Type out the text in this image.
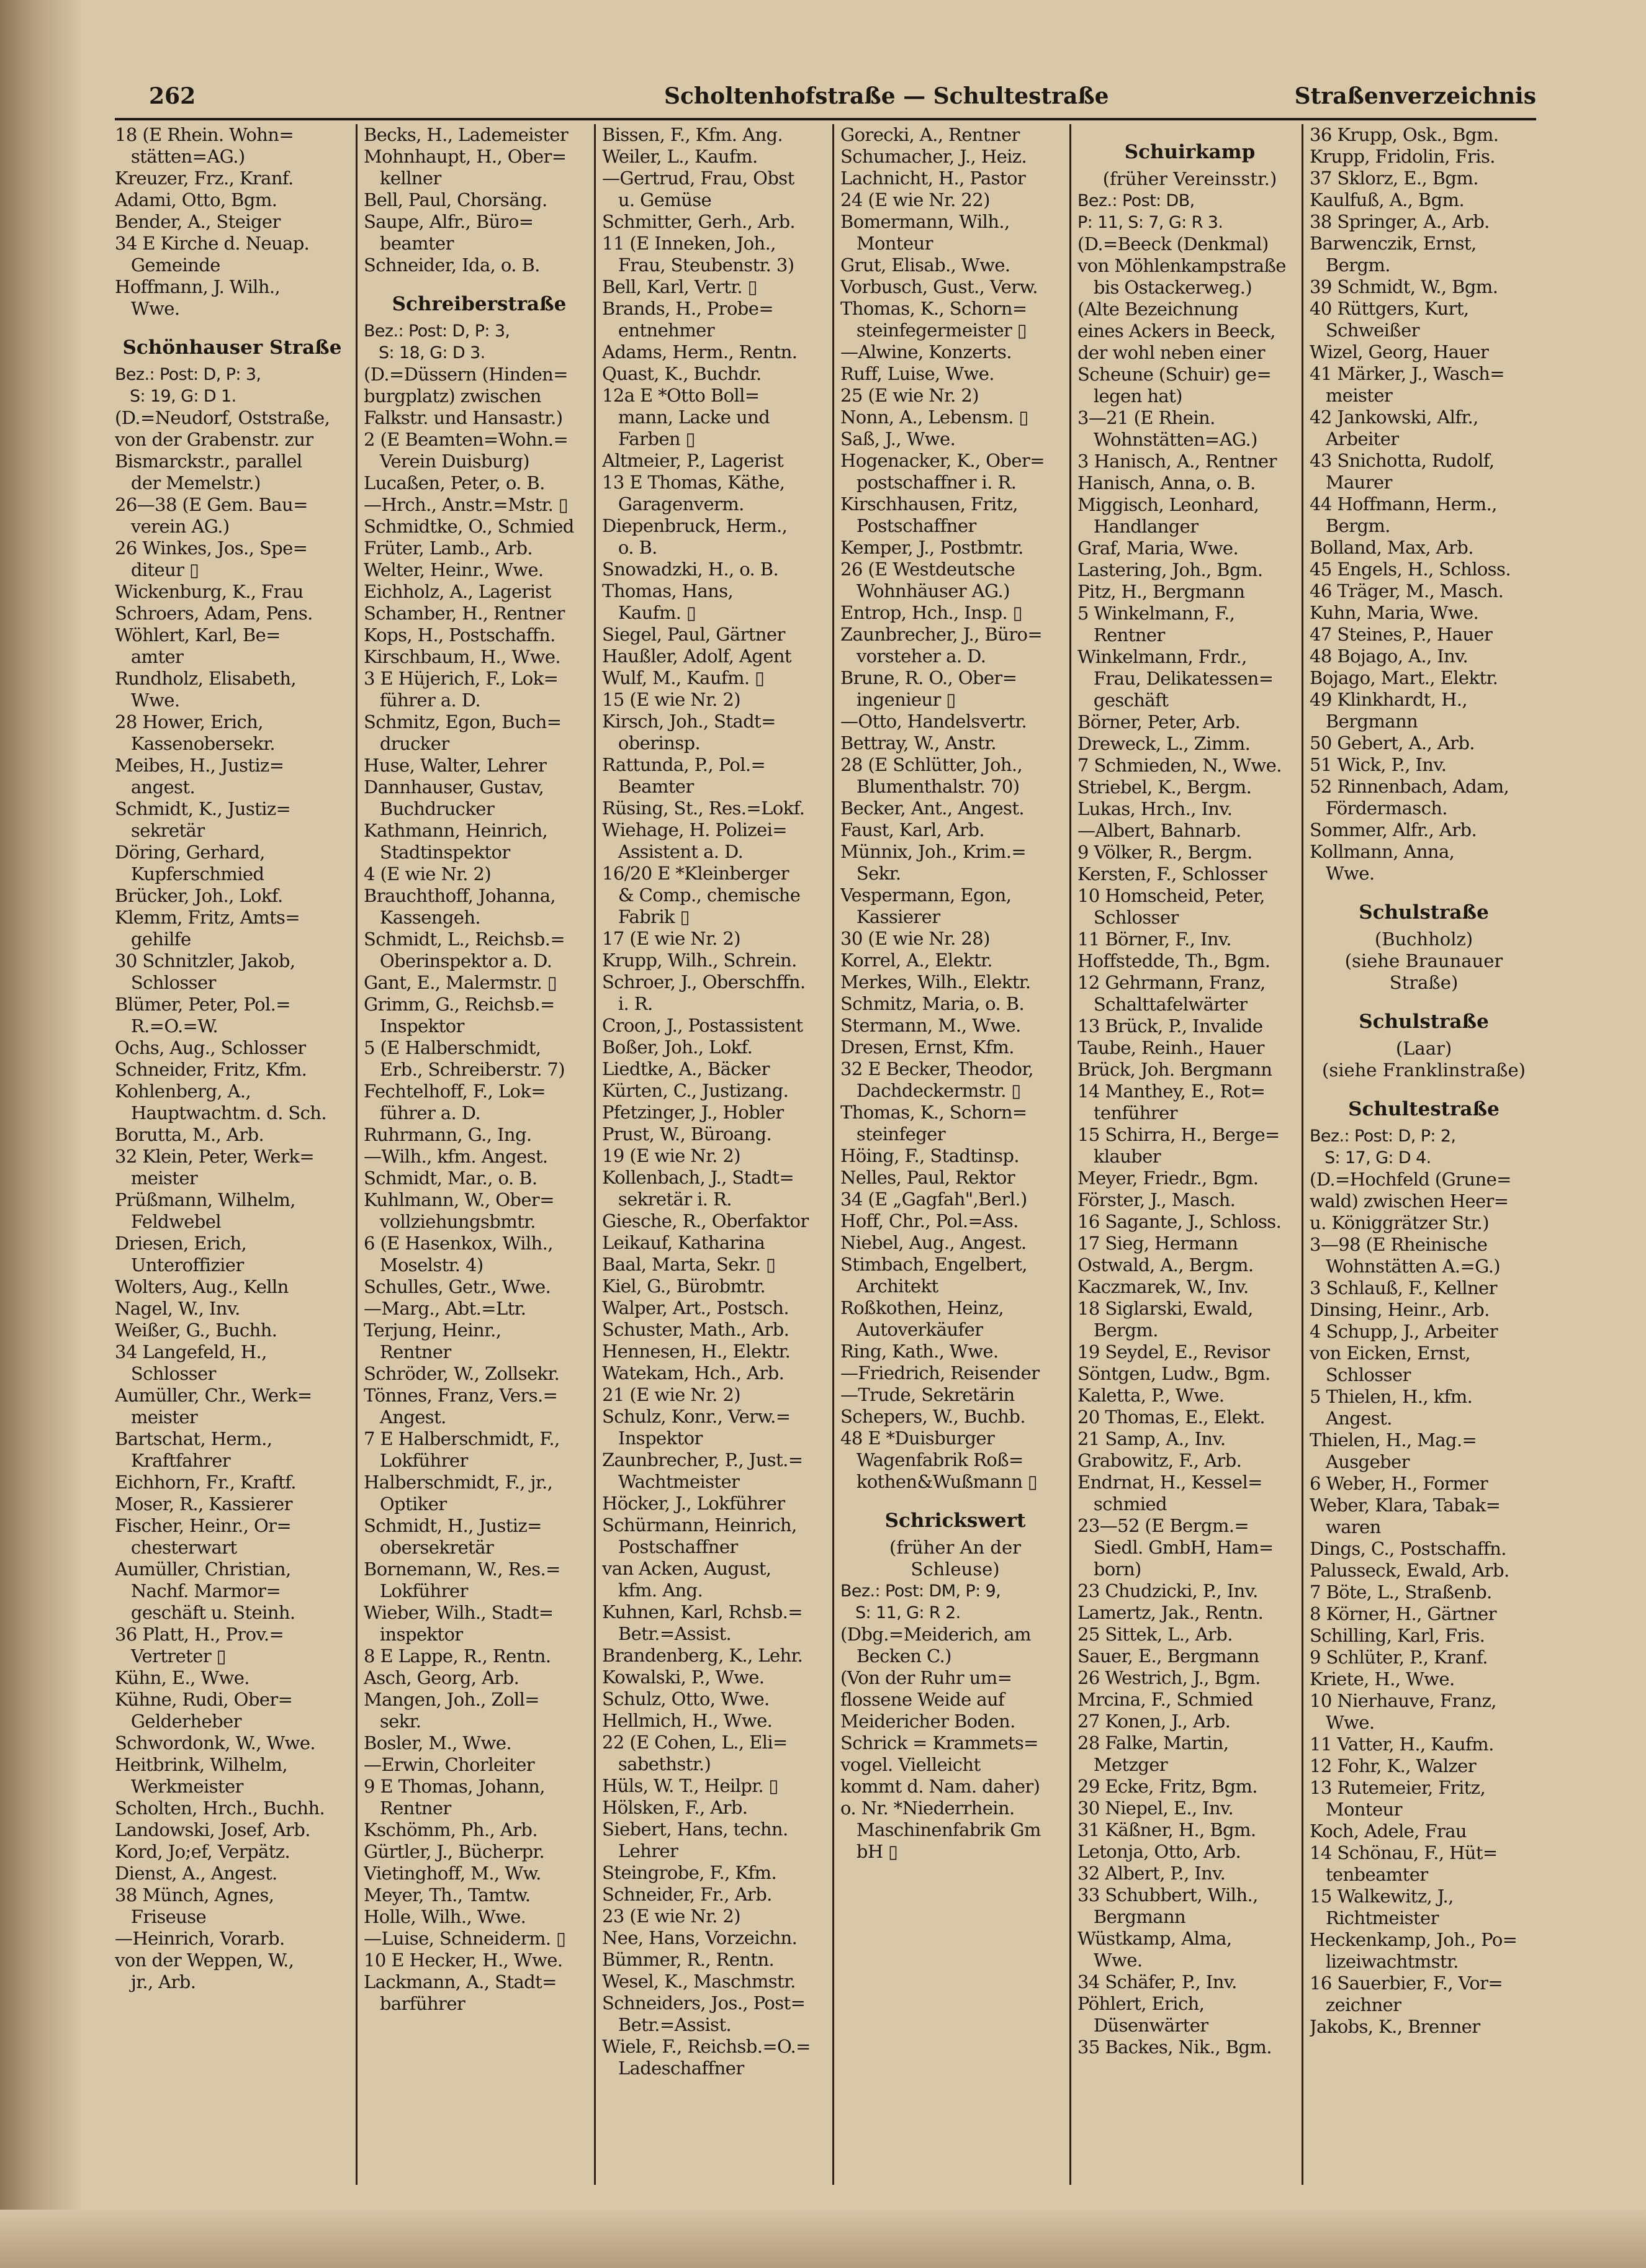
262	Scholtenhofstraße — Schultestraße	Straßenverzeichnis
18 (E Rhein. Wohn=
stätten=AG.)
Kreuzer, Frz., Kranf.
Adami, Otto, Bgm.
Bender, A., Steiger
34 E Kirche d. Neuap.
Gemeinde
Hoffmann, J. Wilh.,
Wwe.
Schönhauser Straße
Bez.: Post: D, P: 3,
S: 19, G: D 1.
(D.=Neudorf, Oststraße,
von der Grabenstr. zur
Bismarckstr., parallel
der Memelstr.)
26—38 (E Gem. Bau=
verein AG.)
26 Winkes, Jos., Spe=
diteur ▯
Wickenburg, K., Frau
Schroers, Adam, Pens.
Wöhlert, Karl, Be=
amter
Rundholz, Elisabeth,
Wwe.
28 Hower, Erich,
Kassenobersekr.
Meibes, H., Justiz=
angest.
Schmidt, K., Justiz=
sekretär
Döring, Gerhard,
Kupferschmied
Brücker, Joh., Lokf.
Klemm, Fritz, Amts=
gehilfe
30 Schnitzler, Jakob,
Schlosser
Blümer, Peter, Pol.=
R.=O.=W.
Ochs, Aug., Schlosser
Schneider, Fritz, Kfm.
Kohlenberg, A.,
Hauptwachtm. d. Sch.
Borutta, M., Arb.
32 Klein, Peter, Werk=
meister
Prüßmann, Wilhelm,
Feldwebel
Driesen, Erich,
Unteroffizier
Wolters, Aug., Kelln
Nagel, W., Inv.
Weißer, G., Buchh.
34 Langefeld, H.,
Schlosser
Aumüller, Chr., Werk=
meister
Bartschat, Herm.,
Kraftfahrer
Eichhorn, Fr., Kraftf.
Moser, R., Kassierer
Fischer, Heinr., Or=
chesterwart
Aumüller, Christian,
Nachf. Marmor=
geschäft u. Steinh.
36 Platt, H., Prov.=
Vertreter ▯
Kühn, E., Wwe.
Kühne, Rudi, Ober=
Gelderheber
Schwordonk, W., Wwe.
Heitbrink, Wilhelm,
Werkmeister
Scholten, Hrch., Buchh.
Landowski, Josef, Arb.
Kord, Jo;ef, Verpätz.
Dienst, A., Angest.
38 Münch, Agnes,
Friseuse
—Heinrich, Vorarb.
von der Weppen, W.,
jr., Arb.
Becks, H., Lademeister
Mohnhaupt, H., Ober=
kellner
Bell, Paul, Chorsäng.
Saupe, Alfr., Büro=
beamter
Schneider, Ida, o. B.
Schreiberstraße
Bez.: Post: D, P: 3,
S: 18, G: D 3.
(D.=Düssern (Hinden=
burgplatz) zwischen
Falkstr. und Hansastr.)
2 (E Beamten=Wohn.=
Verein Duisburg)
Lucaßen, Peter, o. B.
—Hrch., Anstr.=Mstr. ▯
Schmidtke, O., Schmied
Früter, Lamb., Arb.
Welter, Heinr., Wwe.
Eichholz, A., Lagerist
Schamber, H., Rentner
Kops, H., Postschaffn.
Kirschbaum, H., Wwe.
3 E Hüjerich, F., Lok=
führer a. D.
Schmitz, Egon, Buch=
drucker
Huse, Walter, Lehrer
Dannhauser, Gustav,
Buchdrucker
Kathmann, Heinrich,
Stadtinspektor
4 (E wie Nr. 2)
Brauchthoff, Johanna,
Kassengeh.
Schmidt, L., Reichsb.=
Oberinspektor a. D.
Gant, E., Malermstr. ▯
Grimm, G., Reichsb.=
Inspektor
5 (E Halberschmidt,
Erb., Schreiberstr. 7)
Fechtelhoff, F., Lok=
führer a. D.
Ruhrmann, G., Ing.
—Wilh., kfm. Angest.
Schmidt, Mar., o. B.
Kuhlmann, W., Ober=
vollziehungsbmtr.
6 (E Hasenkox, Wilh.,
Moselstr. 4)
Schulles, Getr., Wwe.
—Marg., Abt.=Ltr.
Terjung, Heinr.,
Rentner
Schröder, W., Zollsekr.
Tönnes, Franz, Vers.=
Angest.
7 E Halberschmidt, F.,
Lokführer
Halberschmidt, F., jr.,
Optiker
Schmidt, H., Justiz=
obersekretär
Bornemann, W., Res.=
Lokführer
Wieber, Wilh., Stadt=
inspektor
8 E Lappe, R., Rentn.
Asch, Georg, Arb.
Mangen, Joh., Zoll=
sekr.
Bosler, M., Wwe.
—Erwin, Chorleiter
9 E Thomas, Johann,
Rentner
Kschömm, Ph., Arb.
Gürtler, J., Bücherpr.
Vietinghoff, M., Ww.
Meyer, Th., Tamtw.
Holle, Wilh., Wwe.
—Luise, Schneiderm. ▯
10 E Hecker, H., Wwe.
Lackmann, A., Stadt=
barführer
Bissen, F., Kfm. Ang.
Weiler, L., Kaufm.
—Gertrud, Frau, Obst
u. Gemüse
Schmitter, Gerh., Arb.
11 (E Inneken, Joh.,
Frau, Steubenstr. 3)
Bell, Karl, Vertr. ▯
Brands, H., Probe=
entnehmer
Adams, Herm., Rentn.
Quast, K., Buchdr.
12a E *Otto Boll=
mann, Lacke und
Farben ▯
Altmeier, P., Lagerist
13 E Thomas, Käthe,
Garagenverm.
Diepenbruck, Herm.,
o. B.
Snowadzki, H., o. B.
Thomas, Hans,
Kaufm. ▯
Siegel, Paul, Gärtner
Haußler, Adolf, Agent
Wulf, M., Kaufm. ▯
15 (E wie Nr. 2)
Kirsch, Joh., Stadt=
oberinsp.
Rattunda, P., Pol.=
Beamter
Rüsing, St., Res.=Lokf.
Wiehage, H. Polizei=
Assistent a. D.
16/20 E *Kleinberger
& Comp., chemische
Fabrik ▯
17 (E wie Nr. 2)
Krupp, Wilh., Schrein.
Schroer, J., Oberschffn.
i. R.
Croon, J., Postassistent
Boßer, Joh., Lokf.
Liedtke, A., Bäcker
Kürten, C., Justizang.
Pfetzinger, J., Hobler
Prust, W., Büroang.
19 (E wie Nr. 2)
Kollenbach, J., Stadt=
sekretär i. R.
Giesche, R., Oberfaktor
Leikauf, Katharina
Baal, Marta, Sekr. ▯
Kiel, G., Bürobmtr.
Walper, Art., Postsch.
Schuster, Math., Arb.
Hennesen, H., Elektr.
Watekam, Hch., Arb.
21 (E wie Nr. 2)
Schulz, Konr., Verw.=
Inspektor
Zaunbrecher, P., Just.=
Wachtmeister
Höcker, J., Lokführer
Schürmann, Heinrich,
Postschaffner
van Acken, August,
kfm. Ang.
Kuhnen, Karl, Rchsb.=
Betr.=Assist.
Brandenberg, K., Lehr.
Kowalski, P., Wwe.
Schulz, Otto, Wwe.
Hellmich, H., Wwe.
22 (E Cohen, L., Eli=
sabethstr.)
Hüls, W. T., Heilpr. ▯
Hölsken, F., Arb.
Siebert, Hans, techn.
Lehrer
Steingrobe, F., Kfm.
Schneider, Fr., Arb.
23 (E wie Nr. 2)
Nee, Hans, Vorzeichn.
Bümmer, R., Rentn.
Wesel, K., Maschmstr.
Schneiders, Jos., Post=
Betr.=Assist.
Wiele, F., Reichsb.=O.=
Ladeschaffner
Gorecki, A., Rentner
Schumacher, J., Heiz.
Lachnicht, H., Pastor
24 (E wie Nr. 22)
Bomermann, Wilh.,
Monteur
Grut, Elisab., Wwe.
Vorbusch, Gust., Verw.
Thomas, K., Schorn=
steinfegermeister ▯
—Alwine, Konzerts.
Ruff, Luise, Wwe.
25 (E wie Nr. 2)
Nonn, A., Lebensm. ▯
Saß, J., Wwe.
Hogenacker, K., Ober=
postschaffner i. R.
Kirschhausen, Fritz,
Postschaffner
Kemper, J., Postbmtr.
26 (E Westdeutsche
Wohnhäuser AG.)
Entrop, Hch., Insp. ▯
Zaunbrecher, J., Büro=
vorsteher a. D.
Brune, R. O., Ober=
ingenieur ▯
—Otto, Handelsvertr.
Bettray, W., Anstr.
28 (E Schlütter, Joh.,
Blumenthalstr. 70)
Becker, Ant., Angest.
Faust, Karl, Arb.
Münnix, Joh., Krim.=
Sekr.
Vespermann, Egon,
Kassierer
30 (E wie Nr. 28)
Korrel, A., Elektr.
Merkes, Wilh., Elektr.
Schmitz, Maria, o. B.
Stermann, M., Wwe.
Dresen, Ernst, Kfm.
32 E Becker, Theodor,
Dachdeckermstr. ▯
Thomas, K., Schorn=
steinfeger
Höing, F., Stadtinsp.
Nelles, Paul, Rektor
34 (E „Gagfah",Berl.)
Hoff, Chr., Pol.=Ass.
Niebel, Aug., Angest.
Stimbach, Engelbert,
Architekt
Roßkothen, Heinz,
Autoverkäufer
Ring, Kath., Wwe.
—Friedrich, Reisender
—Trude, Sekretärin
Schepers, W., Buchb.
48 E *Duisburger
Wagenfabrik Roß=
kothen&Wußmann ▯
Schrickswert
(früher An der
Schleuse)
Bez.: Post: DM, P: 9,
S: 11, G: R 2.
(Dbg.=Meiderich, am
Becken C.)
(Von der Ruhr um=
flossene Weide auf
Meidericher Boden.
Schrick = Krammets=
vogel. Vielleicht
kommt d. Nam. daher)
o. Nr. *Niederrhein.
Maschinenfabrik Gm
bH ▯
Schuirkamp
(früher Vereinsstr.)
Bez.: Post: DB,
P: 11, S: 7, G: R 3.
(D.=Beeck (Denkmal)
von Möhlenkampstraße
bis Ostackerweg.)
(Alte Bezeichnung
eines Ackers in Beeck,
der wohl neben einer
Scheune (Schuir) ge=
legen hat)
3—21 (E Rhein.
Wohnstätten=AG.)
3 Hanisch, A., Rentner
Hanisch, Anna, o. B.
Miggisch, Leonhard,
Handlanger
Graf, Maria, Wwe.
Lastering, Joh., Bgm.
Pitz, H., Bergmann
5 Winkelmann, F.,
Rentner
Winkelmann, Frdr.,
Frau, Delikatessen=
geschäft
Börner, Peter, Arb.
Dreweck, L., Zimm.
7 Schmieden, N., Wwe.
Striebel, K., Bergm.
Lukas, Hrch., Inv.
—Albert, Bahnarb.
9 Völker, R., Bergm.
Kersten, F., Schlosser
10 Homscheid, Peter,
Schlosser
11 Börner, F., Inv.
Hoffstedde, Th., Bgm.
12 Gehrmann, Franz,
Schalttafelwärter
13 Brück, P., Invalide
Taube, Reinh., Hauer
Brück, Joh. Bergmann
14 Manthey, E., Rot=
tenführer
15 Schirra, H., Berge=
klauber
Meyer, Friedr., Bgm.
Förster, J., Masch.
16 Sagante, J., Schloss.
17 Sieg, Hermann
Ostwald, A., Bergm.
Kaczmarek, W., Inv.
18 Siglarski, Ewald,
Bergm.
19 Seydel, E., Revisor
Söntgen, Ludw., Bgm.
Kaletta, P., Wwe.
20 Thomas, E., Elekt.
21 Samp, A., Inv.
Grabowitz, F., Arb.
Endrnat, H., Kessel=
schmied
23—52 (E Bergm.=
Siedl. GmbH, Ham=
born)
23 Chudzicki, P., Inv.
Lamertz, Jak., Rentn.
25 Sittek, L., Arb.
Sauer, E., Bergmann
26 Westrich, J., Bgm.
Mrcina, F., Schmied
27 Konen, J., Arb.
28 Falke, Martin,
Metzger
29 Ecke, Fritz, Bgm.
30 Niepel, E., Inv.
31 Käßner, H., Bgm.
Letonja, Otto, Arb.
32 Albert, P., Inv.
33 Schubbert, Wilh.,
Bergmann
Wüstkamp, Alma,
Wwe.
34 Schäfer, P., Inv.
Pöhlert, Erich,
Düsenwärter
35 Backes, Nik., Bgm.
36 Krupp, Osk., Bgm.
Krupp, Fridolin, Fris.
37 Sklorz, E., Bgm.
Kaulfuß, A., Bgm.
38 Springer, A., Arb.
Barwenczik, Ernst,
Bergm.
39 Schmidt, W., Bgm.
40 Rüttgers, Kurt,
Schweißer
Wizel, Georg, Hauer
41 Märker, J., Wasch=
meister
42 Jankowski, Alfr.,
Arbeiter
43 Snichotta, Rudolf,
Maurer
44 Hoffmann, Herm.,
Bergm.
Bolland, Max, Arb.
45 Engels, H., Schloss.
46 Träger, M., Masch.
Kuhn, Maria, Wwe.
47 Steines, P., Hauer
48 Bojago, A., Inv.
Bojago, Mart., Elektr.
49 Klinkhardt, H.,
Bergmann
50 Gebert, A., Arb.
51 Wick, P., Inv.
52 Rinnenbach, Adam,
Fördermasch.
Sommer, Alfr., Arb.
Kollmann, Anna,
Wwe.
Schulstraße
(Buchholz)
(siehe Braunauer
Straße)
Schulstraße
(Laar)
(siehe Franklinstraße)
Schultestraße
Bez.: Post: D, P: 2,
S: 17, G: D 4.
(D.=Hochfeld (Grune=
wald) zwischen Heer=
u. Königgrätzer Str.)
3—98 (E Rheinische
Wohnstätten A.=G.)
3 Schlauß, F., Kellner
Dinsing, Heinr., Arb.
4 Schupp, J., Arbeiter
von Eicken, Ernst,
Schlosser
5 Thielen, H., kfm.
Angest.
Thielen, H., Mag.=
Ausgeber
6 Weber, H., Former
Weber, Klara, Tabak=
waren
Dings, C., Postschaffn.
Palusseck, Ewald, Arb.
7 Böte, L., Straßenb.
8 Körner, H., Gärtner
Schilling, Karl, Fris.
9 Schlüter, P., Kranf.
Kriete, H., Wwe.
10 Nierhauve, Franz,
Wwe.
11 Vatter, H., Kaufm.
12 Fohr, K., Walzer
13 Rutemeier, Fritz,
Monteur
Koch, Adele, Frau
14 Schönau, F., Hüt=
tenbeamter
15 Walkewitz, J.,
Richtmeister
Heckenkamp, Joh., Po=
lizeiwachtmstr.
16 Sauerbier, F., Vor=
zeichner
Jakobs, K., Brenner
